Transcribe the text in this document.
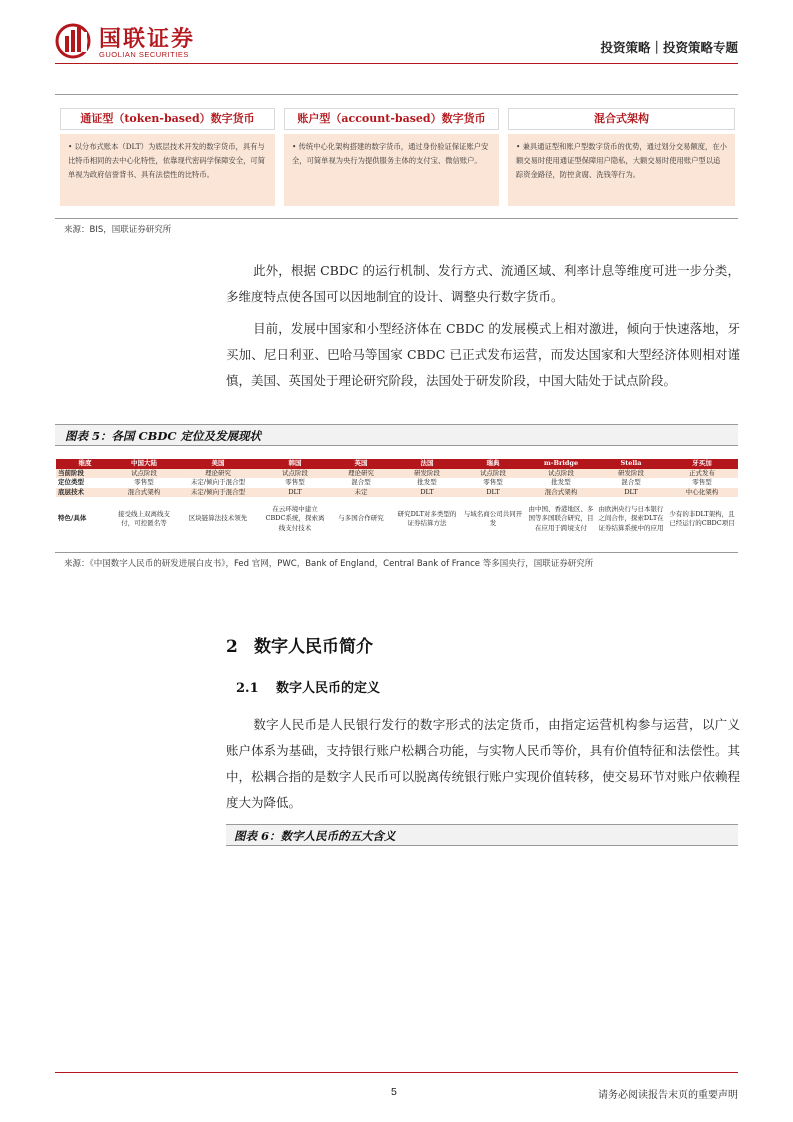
国联证券
GUOLIAN SECURITIES	投资策略｜投资策略专题
通证型（token-based）数字货币
• 以分布式账本（DLT）为底层技术开发的数字货币，具有与比特币相同的去中心化特性，依靠现代密码学保障安全，可简单视为政府信誉背书、具有法偿性的比特币。
账户型（account-based）数字货币
• 传统中心化架构搭建的数字货币，通过身份验证保证账户安全，可简单视为央行为提供服务主体的支付宝、微信账户。
混合式架构
• 兼具通证型和账户型数字货币的优势，通过划分交易额度，在小额交易时使用通证型保障用户隐私，大额交易时使用账户型以追踪资金路径，防控贪腐、洗钱等行为。
来源：BIS，国联证券研究所
此外，根据 CBDC 的运行机制、发行方式、流通区域、利率计息等维度可进一步分类，多维度特点使各国可以因地制宜的设计、调整央行数字货币。
目前，发展中国家和小型经济体在 CBDC 的发展模式上相对激进，倾向于快速落地，牙买加、尼日利亚、巴哈马等国家 CBDC 已正式发布运营，而发达国家和大型经济体则相对谨慎，美国、英国处于理论研究阶段，法国处于研发阶段，中国大陆处于试点阶段。
图表 5：各国 CBDC 定位及发展现状
维度	中国大陆	美国	韩国	英国	法国	瑞典	m-Bridge	Stella	牙买加
当前阶段	试点阶段	理论研究	试点阶段	理论研究	研发阶段	试点阶段	试点阶段	研发阶段	正式发布
定位类型	零售型	未定/倾向于混合型	零售型	混合型	批发型	零售型	批发型	混合型	零售型
底层技术	混合式架构	未定/倾向于混合型	DLT	未定	DLT	DLT	混合式架构	DLT	中心化架构
特色/具体	接受线上双离线支付，可控匿名等	区块链算法技术领先	在云环境中建立CBDC系统，探索离线支付技术	与多国合作研究	研究DLT对多类型的证券结算方法	与域名商公司共同开发	由中国、香港地区、多国等多国联合研究，目在应用于跨境支付	由欧洲央行与日本银行之间合作，探索DLT在证券结算系统中的应用	少有的非DLT架构，且已经运行的CBDC项目
来源：《中国数字人民币的研发进展白皮书》，Fed 官网，PWC，Bank of England，Central Bank of France 等多国央行，国联证券研究所
2 数字人民币简介
2.1 数字人民币的定义
数字人民币是人民银行发行的数字形式的法定货币，由指定运营机构参与运营，以广义账户体系为基础，支持银行账户松耦合功能，与实物人民币等价，具有价值特征和法偿性。其中，松耦合指的是数字人民币可以脱离传统银行账户实现价值转移，使交易环节对账户依赖程度大为降低。
图表 6：数字人民币的五大含义
5	请务必阅读报告末页的重要声明
